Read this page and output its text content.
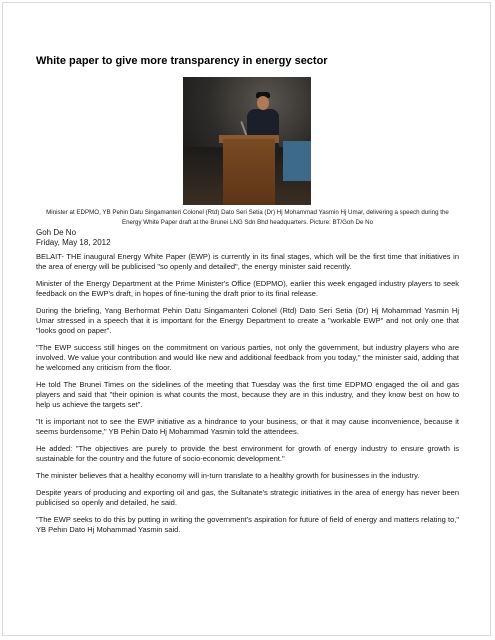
White paper to give more transparency in energy sector
Minister at EDPMO, YB Pehin Datu Singamanteri Colonel (Rtd) Dato Seri Setia (Dr) Hj Mohammad Yasmin Hj Umar, delivering a speech during the Energy White Paper draft at the Brunei LNG Sdn Bhd headquarters. Picture: BT/Goh De No
Goh De No
Friday, May 18, 2012

BELAIT- THE inaugural Energy White Paper (EWP) is currently in its final stages, which will be the first time that initiatives in the area of energy will be publicised "so openly and detailed", the energy minister said recently.

Minister of the Energy Department at the Prime Minister's Office (EDPMO), earlier this week engaged industry players to seek feedback on the EWP's draft, in hopes of fine-tuning the draft prior to its final release.

During the briefing, Yang Berhormat Pehin Datu Singamanteri Colonel (Rtd) Dato Seri Setia (Dr) Hj Mohammad Yasmin Hj Umar stressed in a speech that it is important for the Energy Department to create a "workable EWP" and not only one that "looks good on paper".

"The EWP success still hinges on the commitment on various parties, not only the government, but industry players who are involved. We value your contribution and would like new and additional feedback from you today," the minister said, adding that he welcomed any criticism from the floor.

He told The Brunei Times on the sidelines of the meeting that Tuesday was the first time EDPMO engaged the oil and gas players and said that "their opinion is what counts the most, because they are in this industry, and they know best on how to help us achieve the targets set".

"It is important not to see the EWP initiative as a hindrance to your business, or that it may cause inconvenience, because it seems burdensome," YB Pehin Dato Hj Mohammad Yasmin told the attendees.

He added: "The objectives are purely to provide the best environment for growth of energy industry to ensure growth is sustainable for the country and the future of socio-economic development."

The minister believes that a healthy economy will in-turn translate to a healthy growth for businesses in the industry.

Despite years of producing and exporting oil and gas, the Sultanate's strategic initiatives in the area of energy has never been publicised so openly and detailed, he said.

"The EWP seeks to do this by putting in writing the government's aspiration for future of field of energy and matters relating to," YB Pehin Dato Hj Mohammad Yasmin said.
